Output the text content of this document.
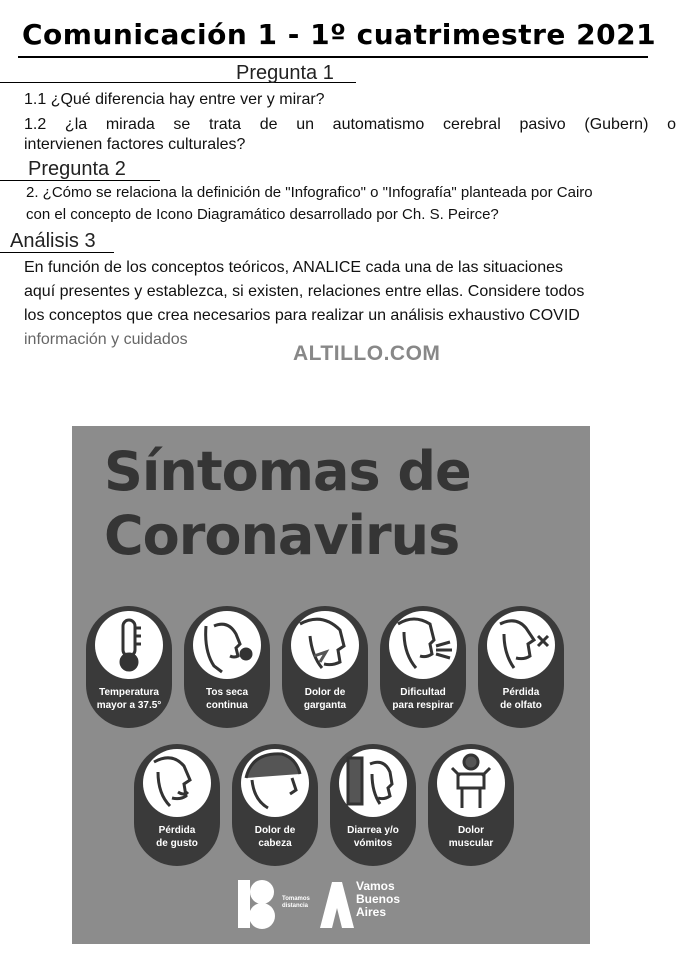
Comunicación 1 - 1º cuatrimestre 2021
Pregunta 1
1.1 ¿Qué diferencia hay entre ver y mirar?
1.2 ¿la mirada se trata de un automatismo cerebral pasivo (Gubern) o
intervienen factores culturales?
Pregunta 2
2. ¿Cómo se relaciona la definición de "Infografico" o "Infografía" planteada por Cairo
con el concepto de Icono Diagramático desarrollado por Ch. S. Peirce?
Análisis 3
En función de los conceptos teóricos, ANALICE cada una de las situaciones
aquí presentes y establezca, si existen, relaciones entre ellas. Considere todos
los conceptos que crea necesarios para realizar un análisis exhaustivo COVID
información y cuidados
ALTILLO.COM
Síntomas de
Coronavirus
Temperatura
mayor a 37.5°
Tos seca
continua
Dolor de
garganta
Dificultad
para respirar
Pérdida
de olfato
Pérdida
de gusto
Dolor de
cabeza
Diarrea y/o
vómitos
Dolor
muscular
Tomamos
distancia
Vamos
Buenos
Aires
